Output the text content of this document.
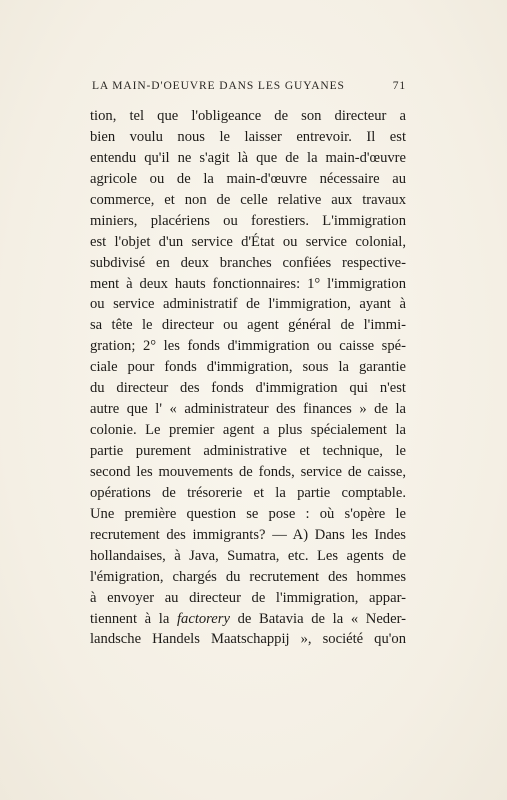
LA MAIN-D'OEUVRE DANS LES GUYANES	71
tion, tel que l'obligeance de son directeur a
bien voulu nous le laisser entrevoir. Il est
entendu qu'il ne s'agit là que de la main-d'œuvre
agricole ou de la main-d'œuvre nécessaire au
commerce, et non de celle relative aux travaux
miniers, placériens ou forestiers. L'immigration
est l'objet d'un service d'État ou service colonial,
subdivisé en deux branches confiées respective-
ment à deux hauts fonctionnaires: 1° l'immigration
ou service administratif de l'immigration, ayant à
sa tête le directeur ou agent général de l'immi-
gration; 2° les fonds d'immigration ou caisse spé-
ciale pour fonds d'immigration, sous la garantie
du directeur des fonds d'immigration qui n'est
autre que l' « administrateur des finances » de la
colonie. Le premier agent a plus spécialement la
partie purement administrative et technique, le
second les mouvements de fonds, service de caisse,
opérations de trésorerie et la partie comptable.
Une première question se pose : où s'opère le
recrutement des immigrants? — A) Dans les Indes
hollandaises, à Java, Sumatra, etc. Les agents de
l'émigration, chargés du recrutement des hommes
à envoyer au directeur de l'immigration, appar-
tiennent à la factorery de Batavia de la « Neder-
landsche Handels Maatschappij », société qu'on
